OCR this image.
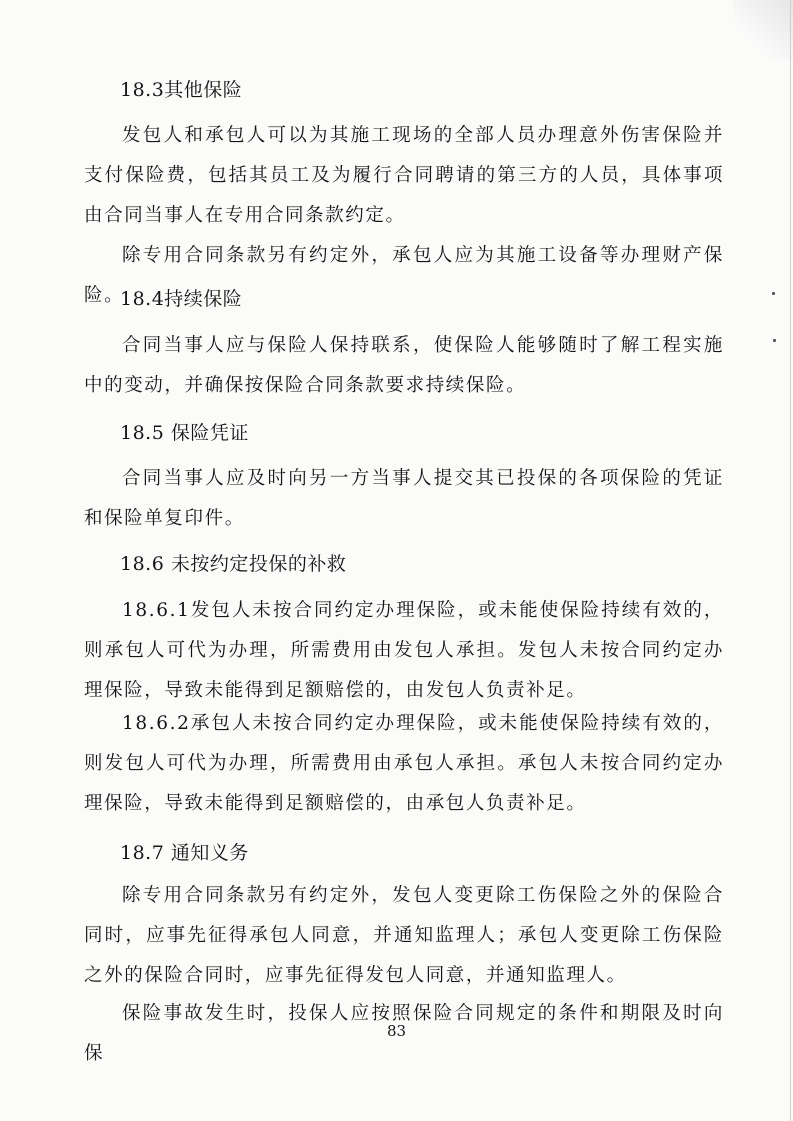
18.3其他保险

发包人和承包人可以为其施工现场的全部人员办理意外伤害保险并支付保险费，包括其员工及为履行合同聘请的第三方的人员，具体事项由合同当事人在专用合同条款约定。

除专用合同条款另有约定外，承包人应为其施工设备等办理财产保险。

18.4持续保险

合同当事人应与保险人保持联系，使保险人能够随时了解工程实施中的变动，并确保按保险合同条款要求持续保险。

18.5 保险凭证

合同当事人应及时向另一方当事人提交其已投保的各项保险的凭证和保险单复印件。

18.6 未按约定投保的补救

18.6.1发包人未按合同约定办理保险，或未能使保险持续有效的，则承包人可代为办理，所需费用由发包人承担。发包人未按合同约定办理保险，导致未能得到足额赔偿的，由发包人负责补足。

18.6.2承包人未按合同约定办理保险，或未能使保险持续有效的，则发包人可代为办理，所需费用由承包人承担。承包人未按合同约定办理保险，导致未能得到足额赔偿的，由承包人负责补足。

18.7 通知义务

除专用合同条款另有约定外，发包人变更除工伤保险之外的保险合同时，应事先征得承包人同意，并通知监理人；承包人变更除工伤保险之外的保险合同时，应事先征得发包人同意，并通知监理人。

保险事故发生时，投保人应按照保险合同规定的条件和期限及时向保

83
